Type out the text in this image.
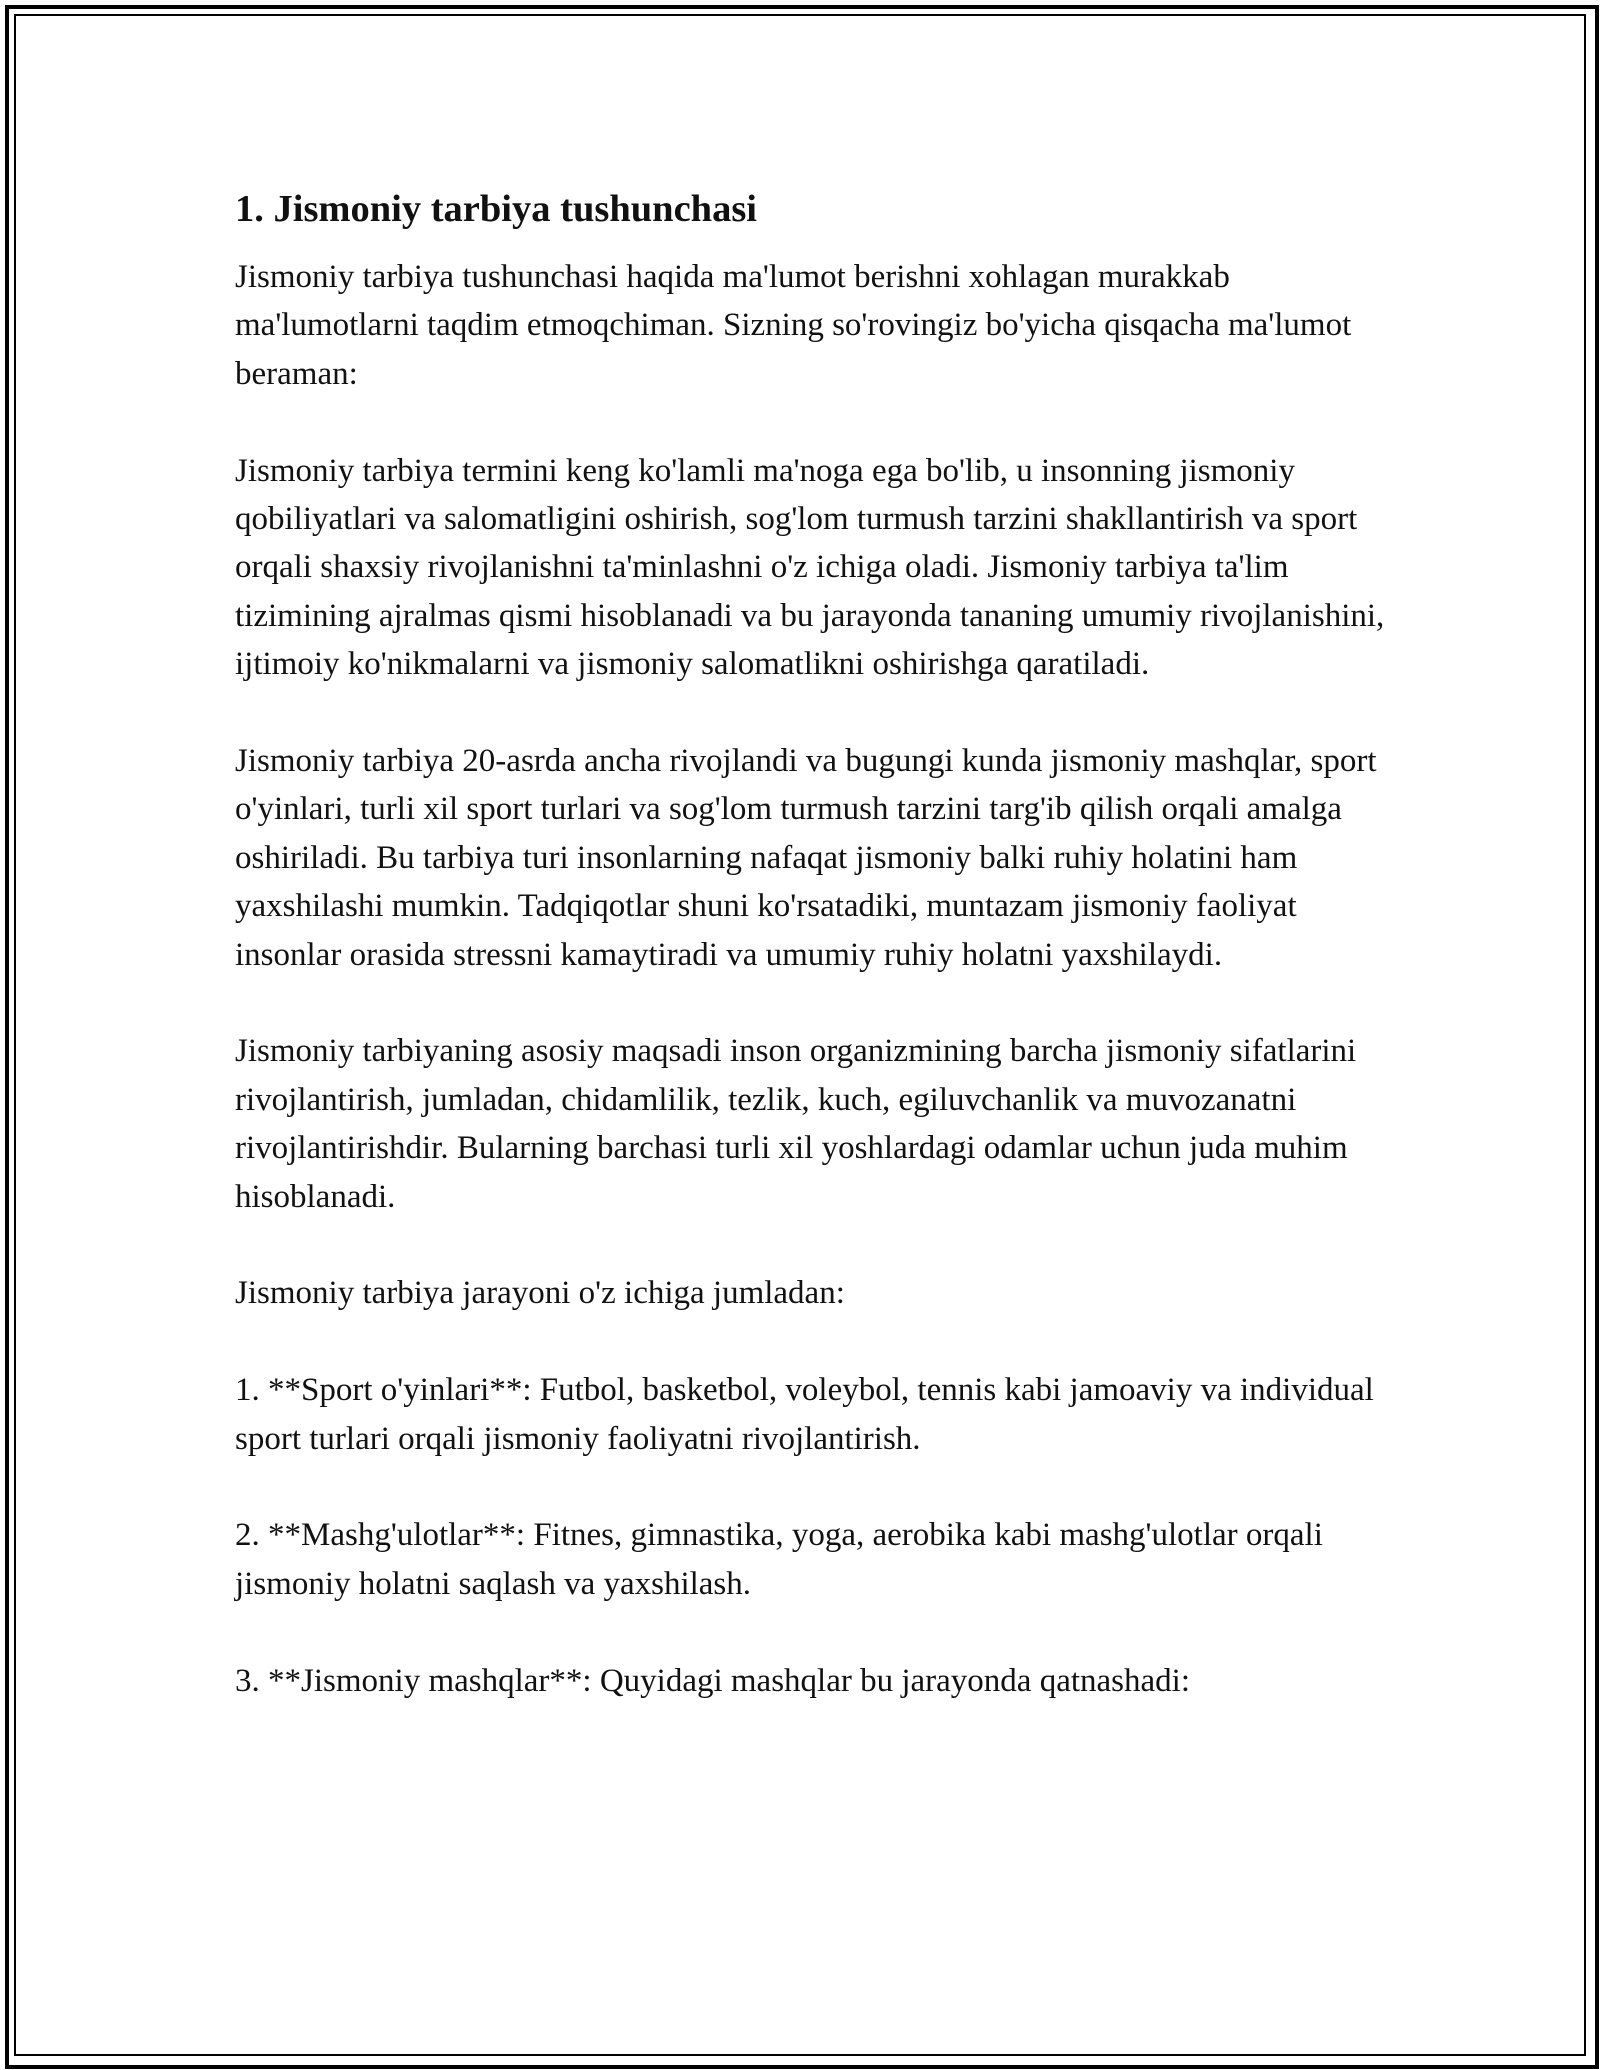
1. Jismoniy tarbiya tushunchasi

Jismoniy tarbiya tushunchasi haqida ma'lumot berishni xohlagan murakkab ma'lumotlarni taqdim etmoqchiman. Sizning so'rovingiz bo'yicha qisqacha ma'lumot beraman:

Jismoniy tarbiya termini keng ko'lamli ma'noga ega bo'lib, u insonning jismoniy qobiliyatlari va salomatligini oshirish, sog'lom turmush tarzini shakllantirish va sport orqali shaxsiy rivojlanishni ta'minlashni o'z ichiga oladi. Jismoniy tarbiya ta'lim tizimining ajralmas qismi hisoblanadi va bu jarayonda tananing umumiy rivojlanishini, ijtimoiy ko'nikmalarni va jismoniy salomatlikni oshirishga qaratiladi.

Jismoniy tarbiya 20-asrda ancha rivojlandi va bugungi kunda jismoniy mashqlar, sport o'yinlari, turli xil sport turlari va sog'lom turmush tarzini targ'ib qilish orqali amalga oshiriladi. Bu tarbiya turi insonlarning nafaqat jismoniy balki ruhiy holatini ham yaxshilashi mumkin. Tadqiqotlar shuni ko'rsatadiki, muntazam jismoniy faoliyat insonlar orasida stressni kamaytiradi va umumiy ruhiy holatni yaxshilaydi.

Jismoniy tarbiyaning asosiy maqsadi inson organizmining barcha jismoniy sifatlarini rivojlantirish, jumladan, chidamlilik, tezlik, kuch, egiluvchanlik va muvozanatni rivojlantirishdir. Bularning barchasi turli xil yoshlardagi odamlar uchun juda muhim hisoblanadi.

Jismoniy tarbiya jarayoni o'z ichiga jumladan:

1. **Sport o'yinlari**: Futbol, basketbol, voleybol, tennis kabi jamoaviy va individual sport turlari orqali jismoniy faoliyatni rivojlantirish.

2. **Mashg'ulotlar**: Fitnes, gimnastika, yoga, aerobika kabi mashg'ulotlar orqali jismoniy holatni saqlash va yaxshilash.

3. **Jismoniy mashqlar**: Quyidagi mashqlar bu jarayonda qatnashadi:
